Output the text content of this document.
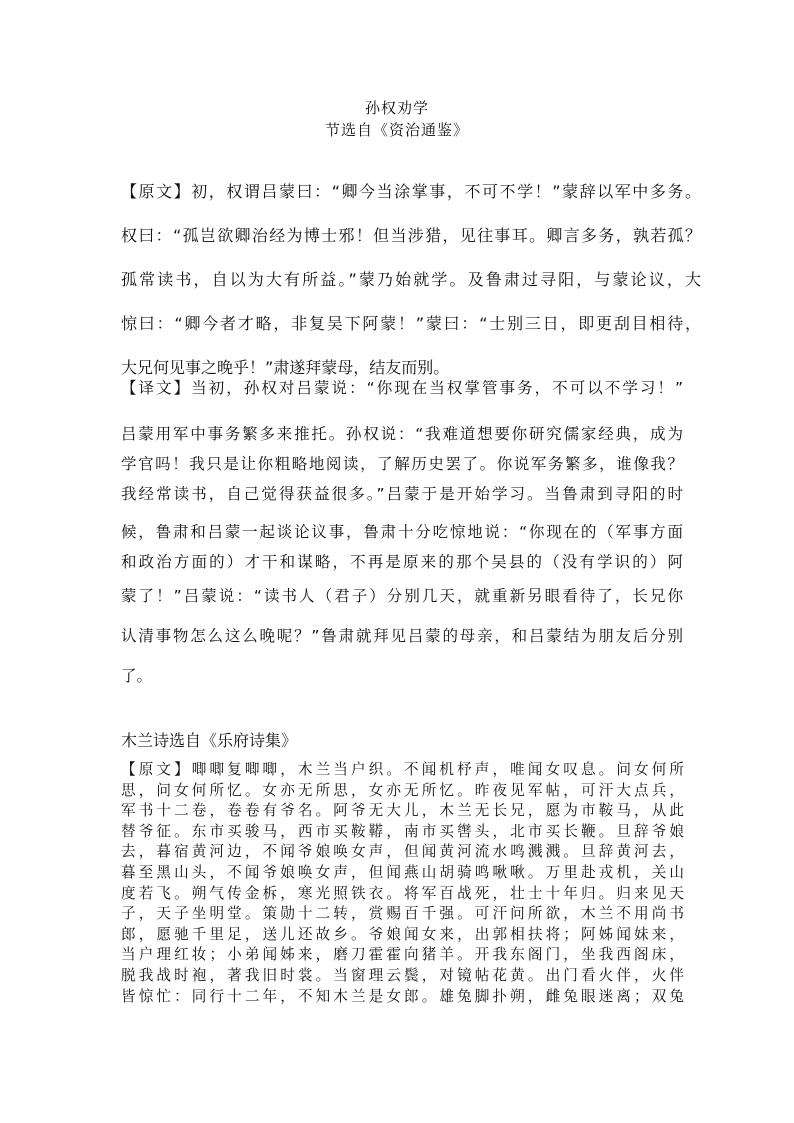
孙权劝学
节选自《资治通鉴》
【原文】初，权谓吕蒙曰：“卿今当涂掌事，不可不学！”蒙辞以军中多务。
权曰：“孤岂欲卿治经为博士邪！但当涉猎，见往事耳。卿言多务，孰若孤？
孤常读书，自以为大有所益。”蒙乃始就学。及鲁肃过寻阳，与蒙论议，大
惊曰：“卿今者才略，非复吴下阿蒙！”蒙曰：“士别三日，即更刮目相待，
大兄何见事之晚乎！”肃遂拜蒙母，结友而别。
【译文】当初，孙权对吕蒙说：“你现在当权掌管事务，不可以不学习！”
吕蒙用军中事务繁多来推托。孙权说：“我难道想要你研究儒家经典，成为
学官吗！我只是让你粗略地阅读，了解历史罢了。你说军务繁多，谁像我？
我经常读书，自己觉得获益很多。”吕蒙于是开始学习。当鲁肃到寻阳的时
候，鲁肃和吕蒙一起谈论议事，鲁肃十分吃惊地说：“你现在的（军事方面
和政治方面的）才干和谋略，不再是原来的那个吴县的（没有学识的）阿
蒙了！”吕蒙说：“读书人（君子）分别几天，就重新另眼看待了，长兄你
认清事物怎么这么晚呢？”鲁肃就拜见吕蒙的母亲，和吕蒙结为朋友后分别
了。
木兰诗选自《乐府诗集》
【原文】唧唧复唧唧，木兰当户织。不闻机杼声，唯闻女叹息。问女何所
思，问女何所忆。女亦无所思，女亦无所忆。昨夜见军帖，可汗大点兵，
军书十二卷，卷卷有爷名。阿爷无大儿，木兰无长兄，愿为市鞍马，从此
替爷征。东市买骏马，西市买鞍鞯，南市买辔头，北市买长鞭。旦辞爷娘
去，暮宿黄河边，不闻爷娘唤女声，但闻黄河流水鸣溅溅。旦辞黄河去，
暮至黑山头，不闻爷娘唤女声，但闻燕山胡骑鸣啾啾。万里赴戎机，关山
度若飞。朔气传金柝，寒光照铁衣。将军百战死，壮士十年归。归来见天
子，天子坐明堂。策勋十二转，赏赐百千强。可汗问所欲，木兰不用尚书
郎，愿驰千里足，送儿还故乡。爷娘闻女来，出郭相扶将；阿姊闻妹来，
当户理红妆；小弟闻姊来，磨刀霍霍向猪羊。开我东阁门，坐我西阁床，
脱我战时袍，著我旧时裳。当窗理云鬓，对镜帖花黄。出门看火伴，火伴
皆惊忙：同行十二年，不知木兰是女郎。雄兔脚扑朔，雌兔眼迷离；双兔
